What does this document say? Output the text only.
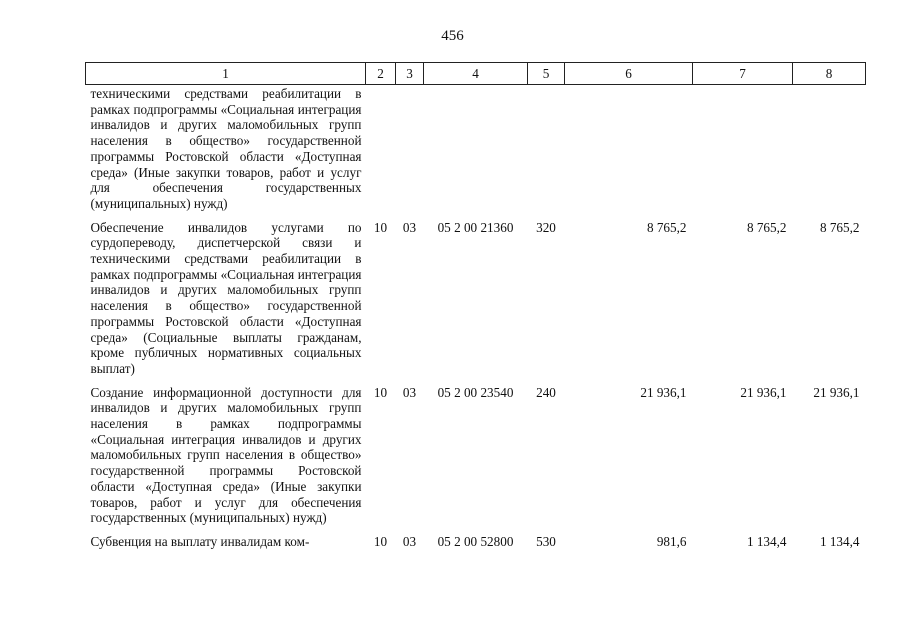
456
1	2	3	4	5	6	7	8
техническими средствами реабилитации в рамках подпрограммы «Социальная интеграция инвалидов и других маломобильных групп населения в общество» государственной программы Ростовской области «Доступная среда» (Иные закупки товаров, работ и услуг для обеспечения государственных (муниципальных) нужд)							
Обеспечение инвалидов услугами по сурдопереводу, диспетчерской связи и техническими средствами реабилитации в рамках подпрограммы «Социальная интеграция инвалидов и других маломобильных групп населения в общество» государственной программы Ростовской области «Доступная среда» (Социальные выплаты гражданам, кроме публичных нормативных социальных выплат)	10	03	05 2 00 21360	320	8 765,2	8 765,2	8 765,2
Создание информационной доступности для инвалидов и других маломобильных групп населения в рамках подпрограммы «Социальная интеграция инвалидов и других маломобильных групп населения в общество» государственной программы Ростовской области «Доступная среда» (Иные закупки товаров, работ и услуг для обеспечения государственных (муниципальных) нужд)	10	03	05 2 00 23540	240	21 936,1	21 936,1	21 936,1
Субвенция на выплату инвалидам ком-	10	03	05 2 00 52800	530	981,6	1 134,4	1 134,4
